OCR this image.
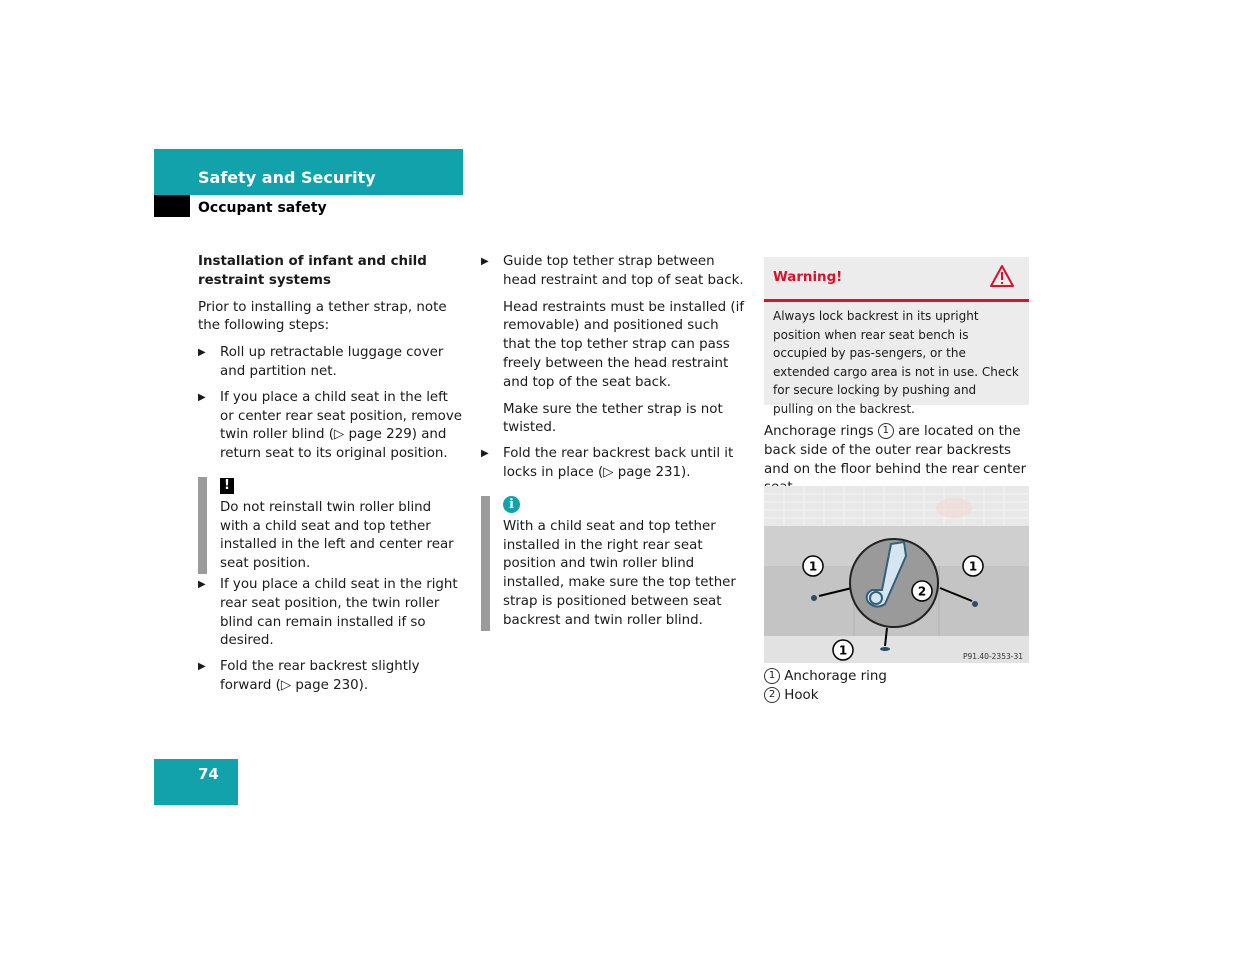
Safety and Security
Occupant safety

Installation of infant and child restraint systems

Prior to installing a tether strap, note the following steps:

▶ Roll up retractable luggage cover and partition net.

▶ If you place a child seat in the left or center rear seat position, remove twin roller blind (▷ page 229) and return seat to its original position.

!

Do not reinstall twin roller blind with a child seat and top tether installed in the left and center rear seat position.

▶ If you place a child seat in the right rear seat position, the twin roller blind can remain installed if so desired.

▶ Fold the rear backrest slightly forward (▷ page 230).

▶ Guide top tether strap between head restraint and top of seat back.

Head restraints must be installed (if removable) and positioned such that the top tether strap can pass freely between the head restraint and top of the seat back.

Make sure the tether strap is not twisted.

▶ Fold the rear backrest back until it locks in place (▷ page 231).

i

With a child seat and top tether installed in the right rear seat position and twin roller blind installed, make sure the top tether strap is positioned between seat backrest and twin roller blind.

Warning!
Always lock backrest in its upright position when rear seat bench is occupied by pas-sengers, or the extended cargo area is not in use. Check for secure locking by pushing and pulling on the backrest.

Anchorage rings 1 are located on the back side of the outer rear backrests and on the floor behind the rear center

1	1
2
1	P91.40-2353-31

1 Anchorage ring

2 Hook

74
